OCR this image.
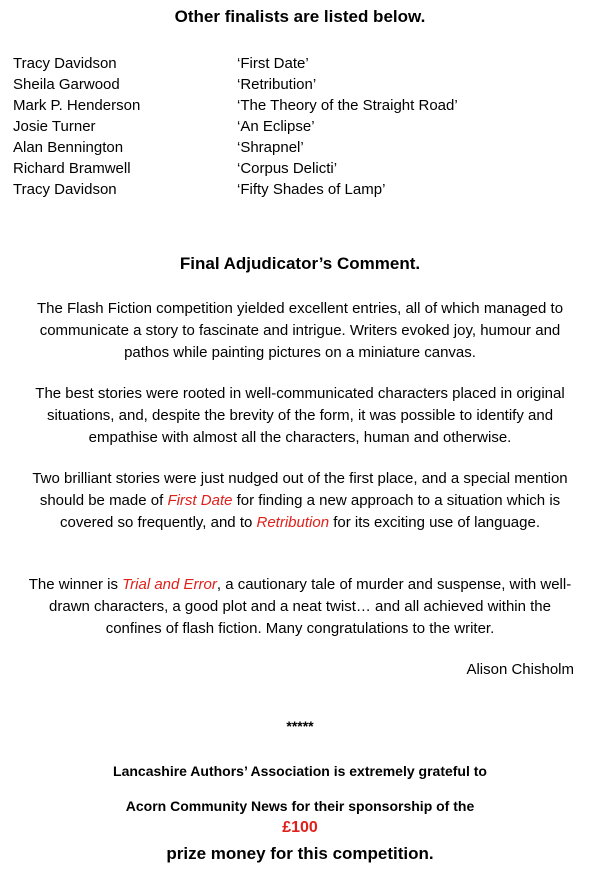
Other finalists are listed below.
Tracy Davidson	‘First Date’
Sheila Garwood	‘Retribution’
Mark P. Henderson	‘The Theory of the Straight Road’
Josie Turner	‘An Eclipse’
Alan Bennington	‘Shrapnel’
Richard Bramwell	‘Corpus Delicti’
Tracy Davidson	‘Fifty Shades of Lamp’
Final Adjudicator’s Comment.

The Flash Fiction competition yielded excellent entries, all of which managed to communicate a story to fascinate and intrigue. Writers evoked joy, humour and pathos while painting pictures on a miniature canvas.

The best stories were rooted in well-communicated characters placed in original situations, and, despite the brevity of the form, it was possible to identify and empathise with almost all the characters, human and otherwise.

Two brilliant stories were just nudged out of the first place, and a special mention should be made of First Date for finding a new approach to a situation which is covered so frequently, and to Retribution for its exciting use of language.

The winner is Trial and Error, a cautionary tale of murder and suspense, with well-drawn characters, a good plot and a neat twist… and all achieved within the confines of flash fiction. Many congratulations to the writer.

Alison Chisholm
*****

Lancashire Authors’ Association is extremely grateful to

Acorn Community News for their sponsorship of the

£100
prize money for this competition.
